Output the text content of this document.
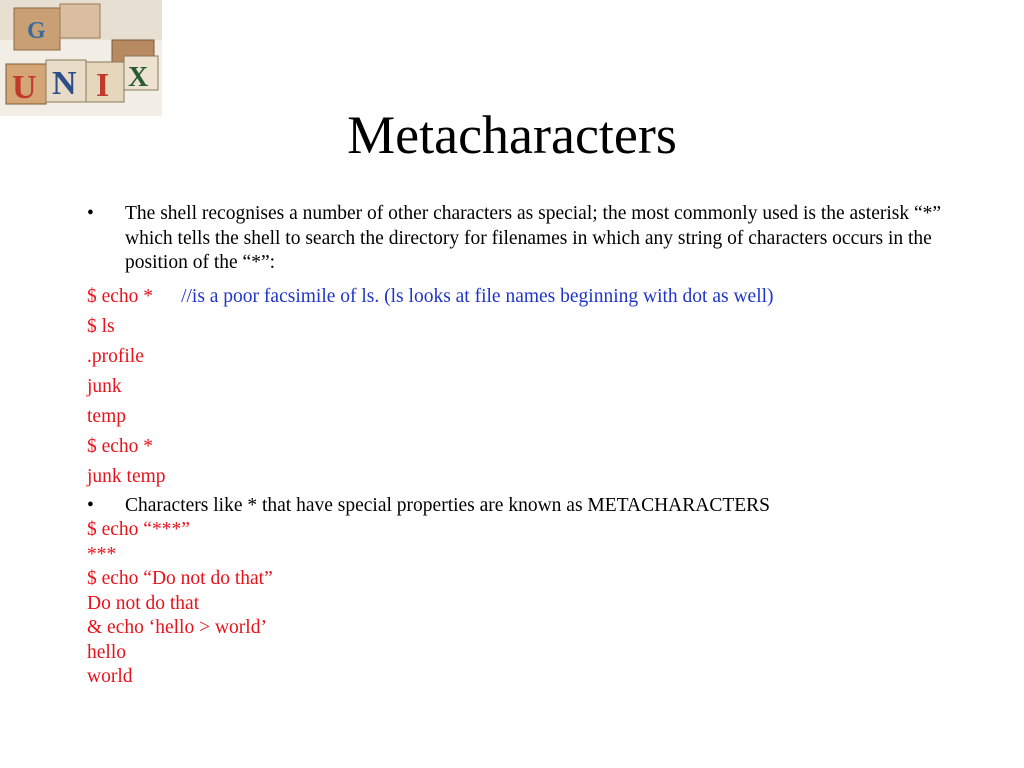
G
U N I X
Metacharacters
• The shell recognises a number of other characters as special; the most commonly used is the asterisk “*” which tells the shell to search the directory for filenames in which any string of characters occurs in the position of the “*”:
$ echo * //is a poor facsimile of ls. (ls looks at file names beginning with dot as well)
$ ls
.profile
junk
temp
$ echo *
junk temp
• Characters like * that have special properties are known as METACHARACTERS
$ echo “***”
***
$ echo “Do not do that”
Do not do that
& echo ‘hello > world’
hello
world
